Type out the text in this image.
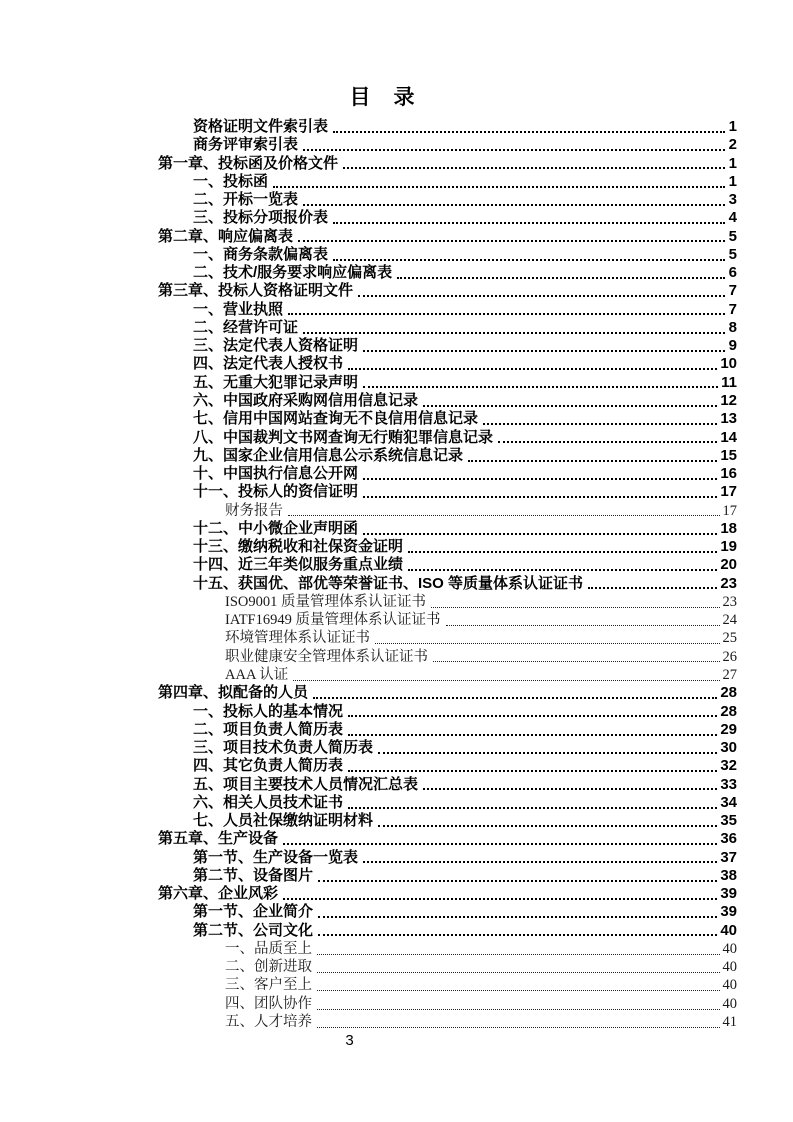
目　录
资格证明文件索引表	1
商务评审索引表	2
第一章、投标函及价格文件	1
一、投标函	1
二、开标一览表	3
三、投标分项报价表	4
第二章、响应偏离表	5
一、商务条款偏离表	5
二、技术/服务要求响应偏离表	6
第三章、投标人资格证明文件	7
一、营业执照	7
二、经营许可证	8
三、法定代表人资格证明	9
四、法定代表人授权书	10
五、无重大犯罪记录声明	11
六、中国政府采购网信用信息记录	12
七、信用中国网站查询无不良信用信息记录	13
八、中国裁判文书网查询无行贿犯罪信息记录	14
九、国家企业信用信息公示系统信息记录	15
十、中国执行信息公开网	16
十一、投标人的资信证明	17
财务报告	17
十二、中小微企业声明函	18
十三、缴纳税收和社保资金证明	19
十四、近三年类似服务重点业绩	20
十五、获国优、部优等荣誉证书、ISO 等质量体系认证证书	23
ISO9001 质量管理体系认证证书	23
IATF16949 质量管理体系认证证书	24
环境管理体系认证证书	25
职业健康安全管理体系认证证书	26
AAA 认证	27
第四章、拟配备的人员	28
一、投标人的基本情况	28
二、项目负责人简历表	29
三、项目技术负责人简历表	30
四、其它负责人简历表	32
五、项目主要技术人员情况汇总表	33
六、相关人员技术证书	34
七、人员社保缴纳证明材料	35
第五章、生产设备	36
第一节、生产设备一览表	37
第二节、设备图片	38
第六章、企业风彩	39
第一节、企业简介	39
第二节、公司文化	40
一、品质至上	40
二、创新进取	40
三、客户至上	40
四、团队协作	40
五、人才培养	41
3
